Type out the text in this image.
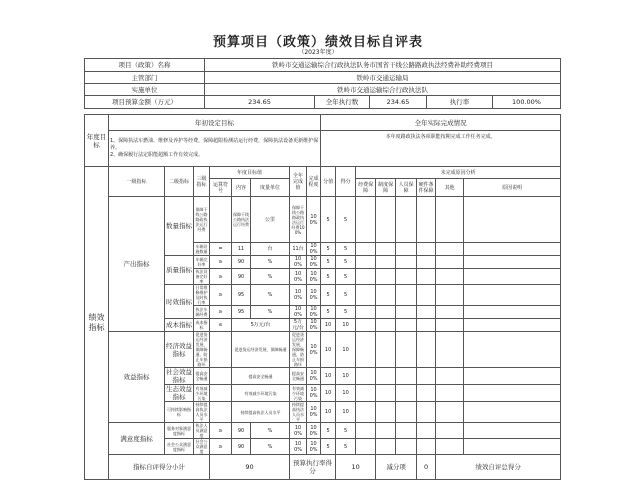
预算项目（政策）绩效目标自评表
（2023年度）
项目（政策）名称	铁岭市交通运输综合行政执法队务市国省干线公路路政执法经费补助经费项目				
主管部门	铁岭市交通运输局				
实施单位	铁岭市交通运输综合行政执法队				
项目预算金额（万元）	234.65	全年执行数	234.65	执行率	100.00%
年度目标	年初设定目标								全年实际完成情况								
	1、保障执法车燃油、维修及养护等经费，保障超限检测站运行经费，保障执法设备更新维护保养。
2、确保履行法定职能超额工作有效完成。								本年度路政执法各项职能按期完成工作任务完成。								
绩效指标	一级指标	二级指标	三级指标	年度目标值			全年完成值	完成程度	分值	得分	未完成原因分析	
				运算符号	内容	度量单位					经费保障	制度保障	人员保障	硬件条件保障	其他	原因说明	
	产出指标	数量指标	保障干线公路路政执法运行经费		保障干线公路执法运行经费	公里	保障干线公路路政执法运行经费100%	100%	5	5							
			车辆设施数量	=	11	台	11台	100%	5	5							
		质量指标	车辆完好率	≥	90	%	100%	100%	5	5							
			执法设备完好率	≥	90	%	100%	100%	5	5							
		时效指标	日常维修维护及时执行率	≥	95	%	100%	100%	5	5							
			执法车辆经费	≥	95	%	100%	100%	5	5							
		成本指标	成本指标	≤	5万元/台		5万元/台	100%	10	10							
	效益指标	经济效益指标	促进货运经济发展，保障畅通，防止车损路坏		促进货运经济发展，保障畅通		促进货运经济发展，保障畅通，防止车损路坏	100%	10	10							
		社会效益指标	提高安全畅通		提高安全畅通		提高安全畅通	100%	10	10							
		生态效益指标	有效减少环境污染		有效减少环境污染		有效减少环境污染	100%	10	10							
		可持续影响指标	持续提高执法人员水平		持续提高执法人员水平		持续提高执法人员水平	100%	10	10							
	满意度指标	服务对象满意度指标	执法人员满意度	≥	90	%	100%	100%	5	5							
		社会公众满意度指标	社会公众满意度	≥	90	%	100%	100%	5	5							
	指标自评得分小计			90			预算执行率得分			10		减分项		0	绩效自评总得分	
